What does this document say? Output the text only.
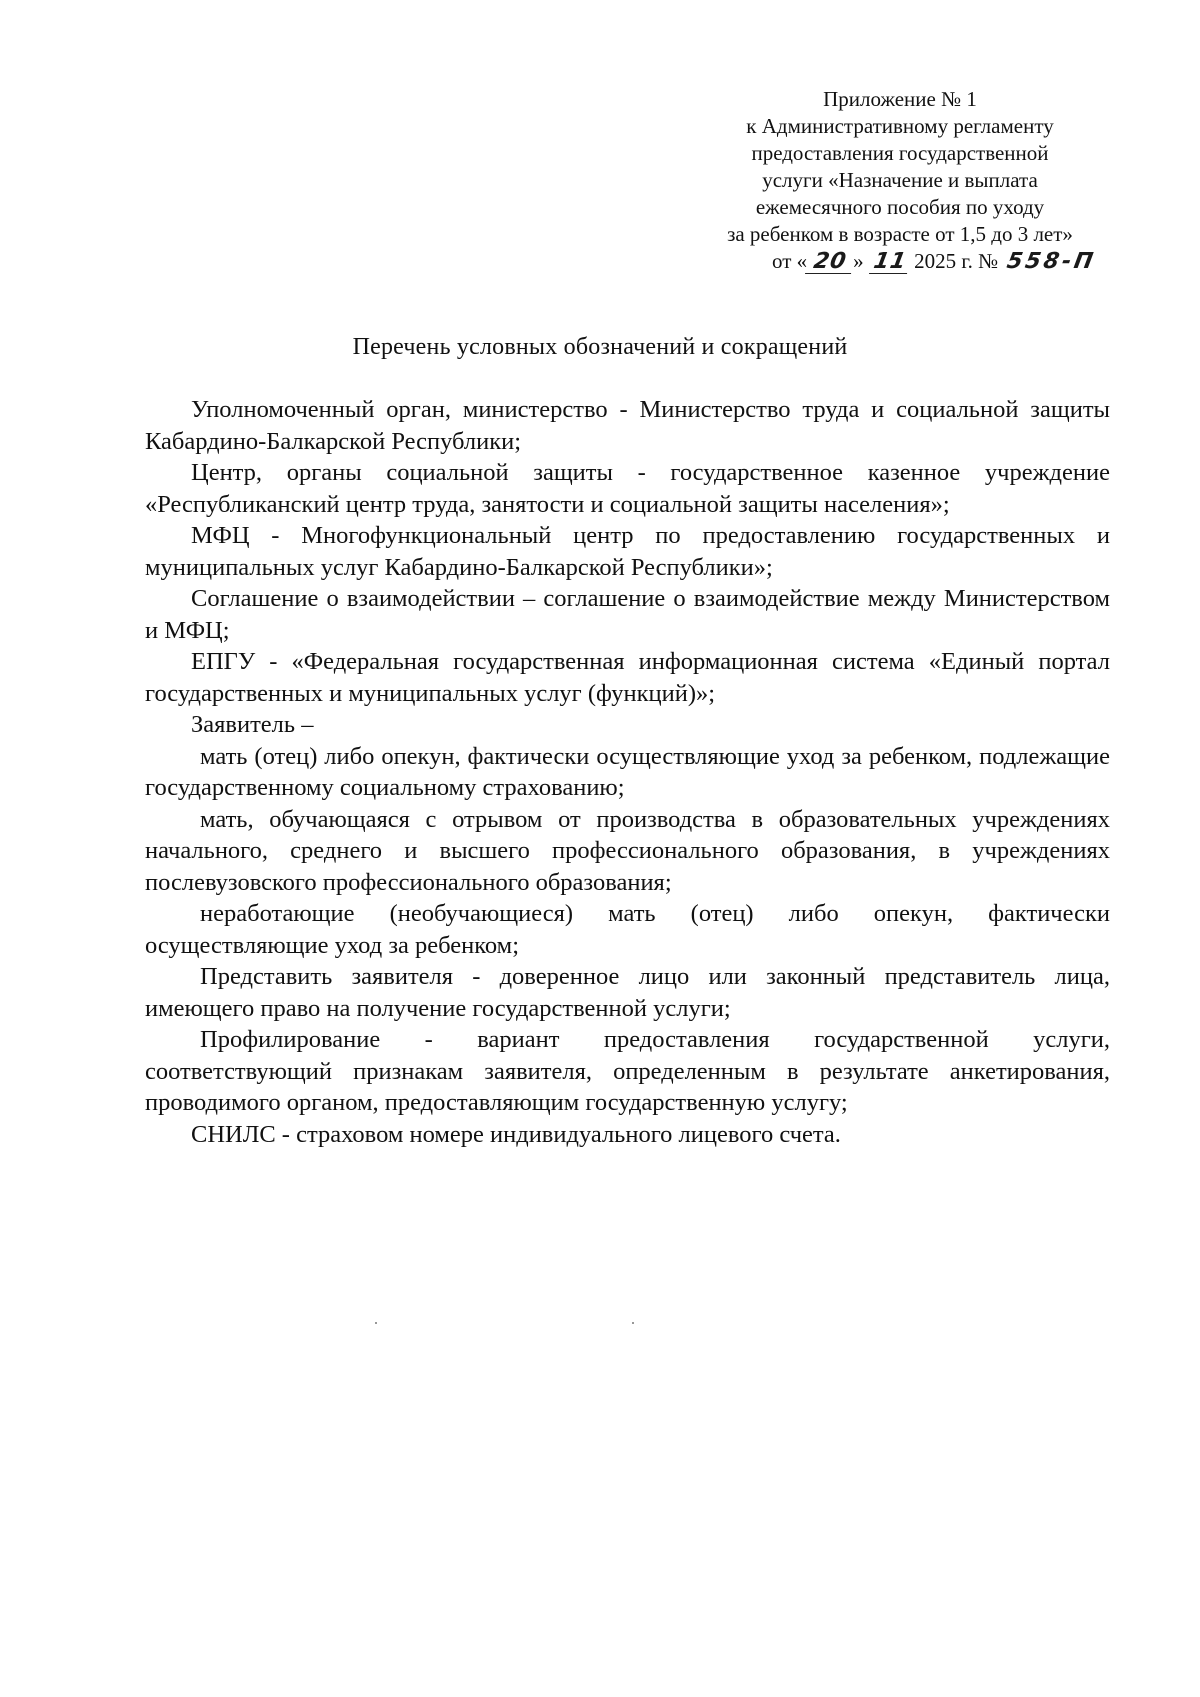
Приложение № 1
к Административному регламенту
предоставления государственной
услуги «Назначение и выплата
ежемесячного пособия по уходу
за ребенком в возрасте от 1,5 до 3 лет»
от « 20 » 11 2025 г. № 558-П
Перечень условных обозначений и сокращений

Уполномоченный орган, министерство - Министерство труда и социальной защиты Кабардино-Балкарской Республики;

Центр, органы социальной защиты - государственное казенное учреждение «Республиканский центр труда, занятости и социальной защиты населения»;

МФЦ - Многофункциональный центр по предоставлению государственных и муниципальных услуг Кабардино-Балкарской Республики»;

Соглашение о взаимодействии – соглашение о взаимодействие между Министерством и МФЦ;

ЕПГУ - «Федеральная государственная информационная система «Единый портал государственных и муниципальных услуг (функций)»;

Заявитель –

мать (отец) либо опекун, фактически осуществляющие уход за ребенком, подлежащие государственному социальному страхованию;

мать, обучающаяся с отрывом от производства в образовательных учреждениях начального, среднего и высшего профессионального образования, в учреждениях послевузовского профессионального образования;

неработающие (необучающиеся) мать (отец) либо опекун, фактически осуществляющие уход за ребенком;

Представить заявителя - доверенное лицо или законный представитель лица, имеющего право на получение государственной услуги;

Профилирование - вариант предоставления государственной услуги, соответствующий признакам заявителя, определенным в результате анкетирования, проводимого органом, предоставляющим государственную услугу;

СНИЛС - страховом номере индивидуального лицевого счета.
